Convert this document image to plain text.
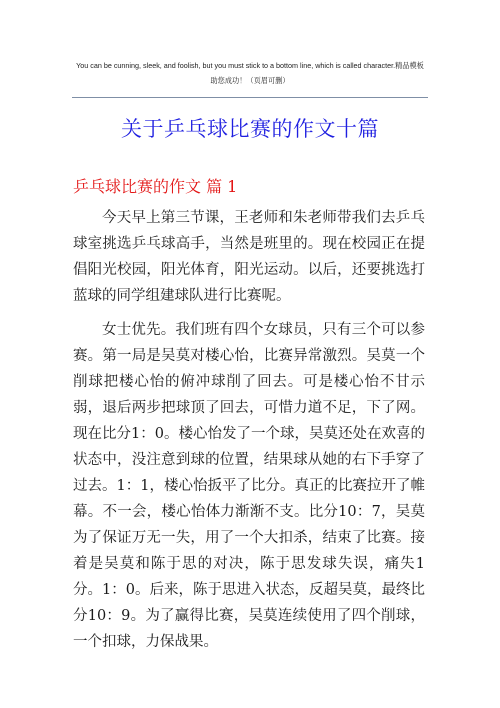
You can be cunning, sleek, and foolish, but you must stick to a bottom line, which is called character.精品模板
助您成功！（页眉可删）
关于乒乓球比赛的作文十篇
乒乓球比赛的作文 篇 1

今天早上第三节课，王老师和朱老师带我们去乒乓球室挑选乒乓球高手，当然是班里的。现在校园正在提倡阳光校园，阳光体育，阳光运动。以后，还要挑选打蓝球的同学组建球队进行比赛呢。

女士优先。我们班有四个女球员，只有三个可以参赛。第一局是吴莫对楼心怡，比赛异常激烈。吴莫一个削球把楼心怡的俯冲球削了回去。可是楼心怡不甘示弱，退后两步把球顶了回去，可惜力道不足，下了网。现在比分1：0。楼心怡发了一个球，吴莫还处在欢喜的状态中，没注意到球的位置，结果球从她的右下手穿了过去。1：1，楼心怡扳平了比分。真正的比赛拉开了帷幕。不一会，楼心怡体力渐渐不支。比分10：7，吴莫为了保证万无一失，用了一个大扣杀，结束了比赛。接着是吴莫和陈于思的对决，陈于思发球失误，痛失1分。1：0。后来，陈于思进入状态，反超吴莫，最终比分10：9。为了赢得比赛，吴莫连续使用了四个削球，一个扣球，力保战果。
